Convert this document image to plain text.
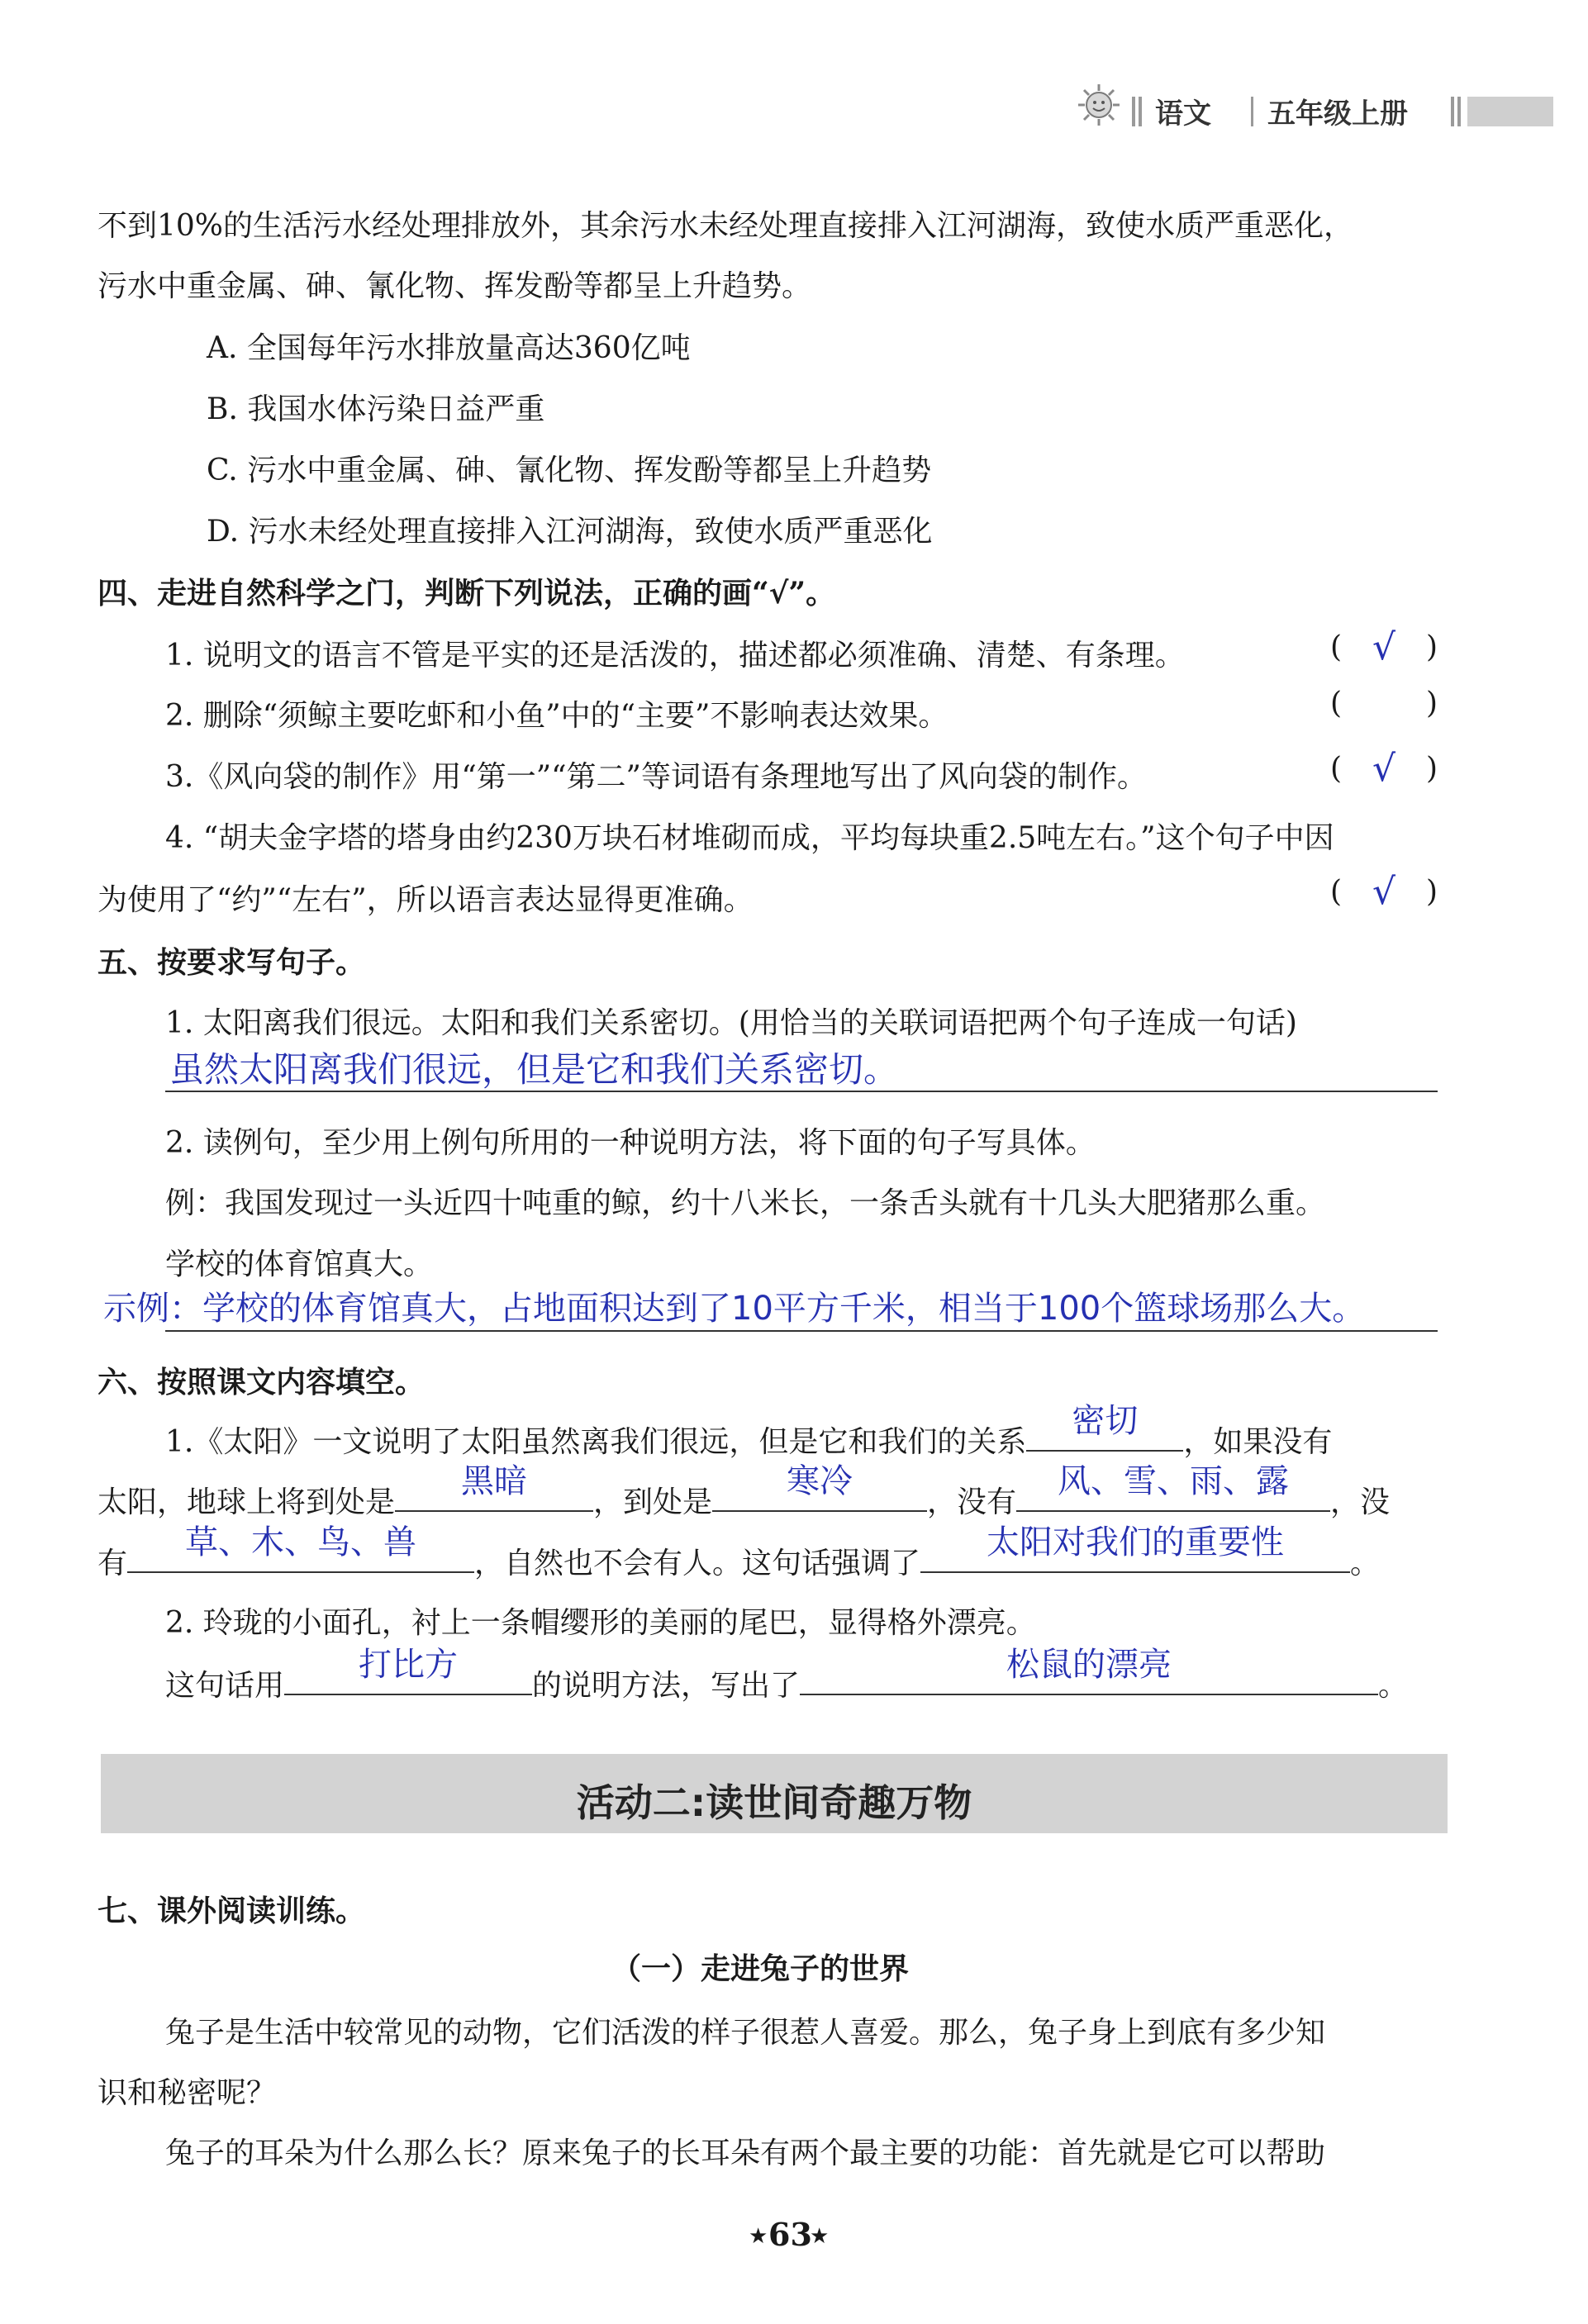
语文 五年级上册
不到10%的生活污水经处理排放外，其余污水未经处理直接排入江河湖海，致使水质严重恶化，
污水中重金属、砷、氰化物、挥发酚等都呈上升趋势。
A. 全国每年污水排放量高达360亿吨
B. 我国水体污染日益严重
C. 污水中重金属、砷、氰化物、挥发酚等都呈上升趋势
D. 污水未经处理直接排入江河湖海，致使水质严重恶化
四、走进自然科学之门，判断下列说法，正确的画“√”。
1. 说明文的语言不管是平实的还是活泼的，描述都必须准确、清楚、有条理。	( √ )
2. 删除“须鲸主要吃虾和小鱼”中的“主要”不影响表达效果。	(	)
3.《风向袋的制作》用“第一”“第二”等词语有条理地写出了风向袋的制作。	( √ )
4. “胡夫金字塔的塔身由约230万块石材堆砌而成，平均每块重2.5吨左右。”这个句子中因
为使用了“约”“左右”，所以语言表达显得更准确。	( √ )
五、按要求写句子。
1. 太阳离我们很远。太阳和我们关系密切。(用恰当的关联词语把两个句子连成一句话)
虽然太阳离我们很远，但是它和我们关系密切。
2. 读例句，至少用上例句所用的一种说明方法，将下面的句子写具体。
例：我国发现过一头近四十吨重的鲸，约十八米长，一条舌头就有十几头大肥猪那么重。
学校的体育馆真大。
示例：学校的体育馆真大，占地面积达到了10平方千米，相当于100个篮球场那么大。
六、按照课文内容填空。
1.《太阳》一文说明了太阳虽然离我们很远，但是它和我们的关系
密切
，如果没有
太阳，地球上将到处是
黑暗
，到处是
寒冷
，没有
风、雪、雨、露
，没
有
草、木、鸟、兽
，自然也不会有人。这句话强调了
太阳对我们的重要性
。
2. 玲珑的小面孔，衬上一条帽缨形的美丽的尾巴，显得格外漂亮。
这句话用
打比方
的说明方法，写出了
松鼠的漂亮
。
活动二:读世间奇趣万物
七、课外阅读训练。
（一）走进兔子的世界
兔子是生活中较常见的动物，它们活泼的样子很惹人喜爱。那么，兔子身上到底有多少知
识和秘密呢？
兔子的耳朵为什么那么长？原来兔子的长耳朵有两个最主要的功能：首先就是它可以帮助
★ 63
★
